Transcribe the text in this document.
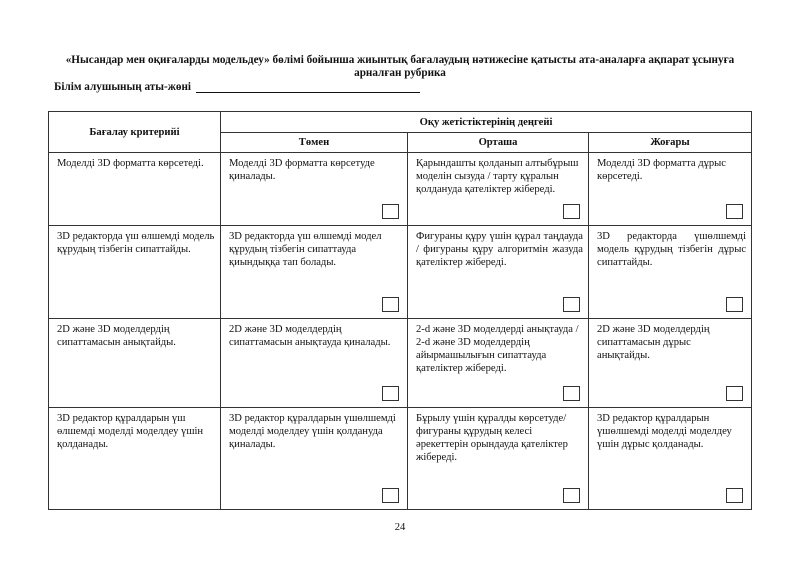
«Нысандар мен оқиғаларды модельдеу» бөлімі бойынша жиынтық бағалаудың нәтижесіне қатысты ата-аналарға ақпарат ұсынуға арналған рубрика
Білім алушының аты-жөні
Бағалау критерийі	Оқу жетістіктерінің деңгейі		
	Төмен	Орташа	Жоғары

Моделді 3D форматта көрсетеді.	Моделді 3D форматта көрсетуде қиналады.	Қарындашты қолданып алтыбұрыш моделін сызуда / тарту құралын қолдануда қателіктер жібереді.	Моделді 3D форматта дұрыс көрсетеді.

3D редакторда үш өлшемді модель құрудың тізбегін сипаттайды.	3D редакторда үш өлшемді модел құрудың тізбегін сипаттауда қиындыққа тап болады.	Фигураны құру үшін құрал таңдауда / фигураны құру алгоритмін жазуда қателіктер жібереді.	3D редакторда үшөлшемді модель құрудың тізбегін дұрыс сипаттайды.

2D және 3D моделдердің сипаттамасын анықтайды.	2D және 3D моделдердің сипаттамасын анықтауда қиналады.	2-d және 3D моделдерді анықтауда / 2-d және 3D моделдердің айырмашылығын сипаттауда қателіктер жібереді.	2D және 3D моделдердің сипаттамасын дұрыс анықтайды.

3D редактор құралдарын үш өлшемді моделді моделдеу үшін қолданады.	3D редактор құралдарын үшөлшемді моделді моделдеу үшін қолдануда қиналады.	Бұрылу үшін құралды көрсетуде/ фигураны құрудың келесі әрекеттерін орындауда қателіктер жібереді.	3D редактор құралдарын үшөлшемді моделді моделдеу үшін дұрыс қолданады.
24
